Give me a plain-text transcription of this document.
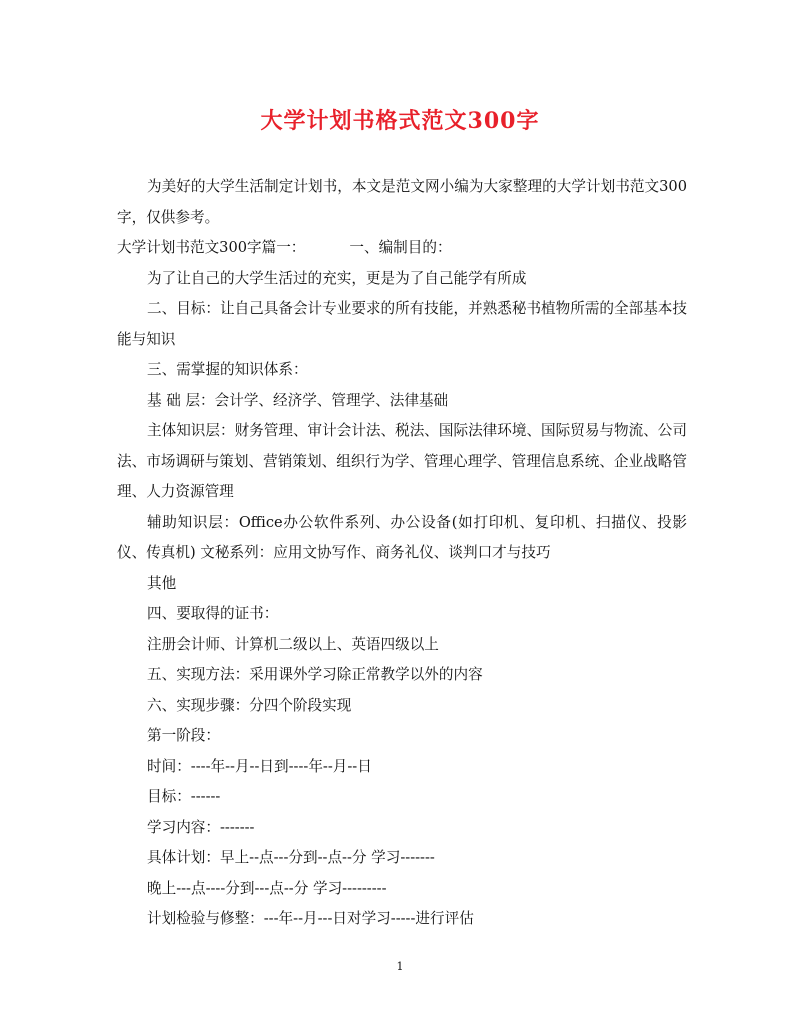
大学计划书格式范文300字

为美好的大学生活制定计划书，本文是范文网小编为大家整理的大学计划书范文300字，仅供参考。

大学计划书范文300字篇一：	一、编制目的：

为了让自己的大学生活过的充实，更是为了自己能学有所成

二、目标：让自己具备会计专业要求的所有技能，并熟悉秘书植物所需的全部基本技能与知识

三、需掌握的知识体系：

基 础 层：会计学、经济学、管理学、法律基础

主体知识层：财务管理、审计会计法、税法、国际法律环境、国际贸易与物流、公司法、市场调研与策划、营销策划、组织行为学、管理心理学、管理信息系统、企业战略管理、人力资源管理

辅助知识层：Office办公软件系列、办公设备(如打印机、复印机、扫描仪、投影仪、传真机) 文秘系列：应用文协写作、商务礼仪、谈判口才与技巧

其他

四、要取得的证书：

注册会计师、计算机二级以上、英语四级以上

五、实现方法：采用课外学习除正常教学以外的内容

六、实现步骤：分四个阶段实现

第一阶段：

时间：----年--月--日到----年--月--日

目标：------

学习内容：-------

具体计划：早上--点---分到--点--分 学习-------

晚上---点----分到---点--分 学习---------

计划检验与修整：---年--月---日对学习-----进行评估

1
